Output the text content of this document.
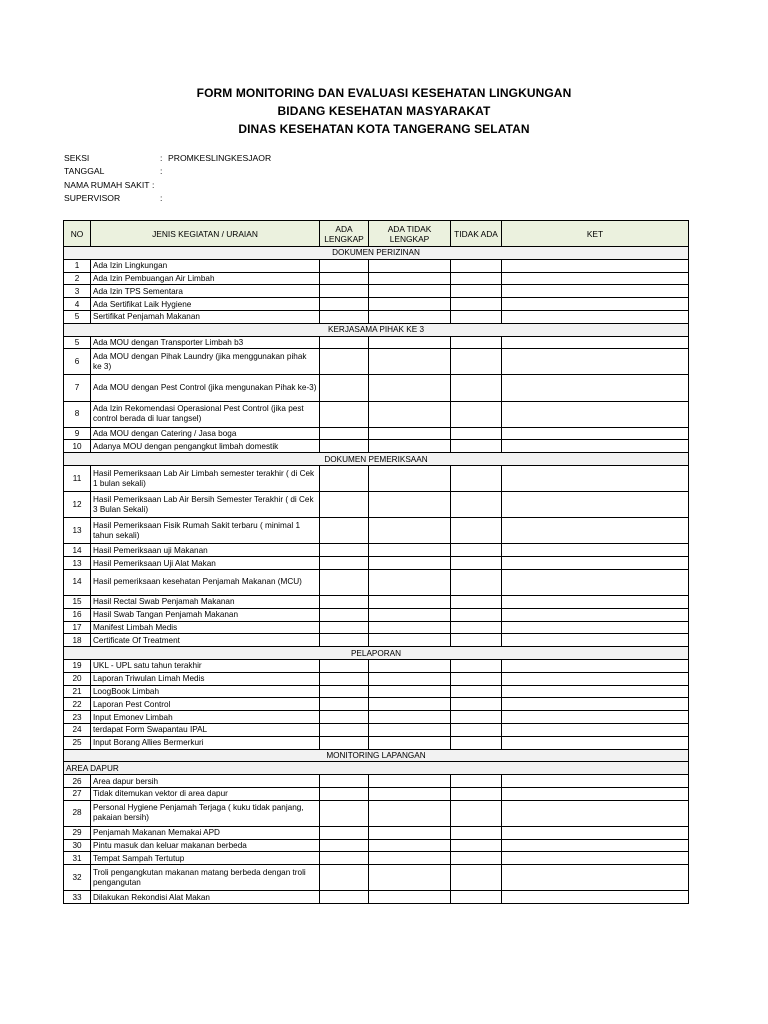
FORM MONITORING DAN EVALUASI KESEHATAN LINGKUNGAN
BIDANG KESEHATAN MASYARAKAT
DINAS KESEHATAN KOTA TANGERANG SELATAN
SEKSI	: PROMKESLINGKESJAOR
TANGGAL	:
NAMA RUMAH SAKIT :
SUPERVISOR	:
NO	JENIS KEGIATAN / URAIAN	ADA LENGKAP	ADA TIDAK LENGKAP	TIDAK ADA	KET
DOKUMEN PERIZINAN					
1	Ada Izin Lingkungan				
2	Ada Izin Pembuangan Air Limbah				
3	Ada Izin TPS Sementara				
4	Ada Sertifikat Laik Hygiene				
5	Sertifikat Penjamah Makanan				
KERJASAMA PIHAK KE 3					
5	Ada MOU dengan Transporter Limbah b3				
6	Ada MOU dengan Pihak Laundry (jika menggunakan pihak ke 3)				
7	Ada MOU dengan Pest Control (jika mengunakan Pihak ke-3)				
8	Ada Izin Rekomendasi Operasional Pest Control (jika pest control berada di luar tangsel)				
9	Ada MOU dengan Catering / Jasa boga				
10	Adanya MOU dengan pengangkut limbah domestik				
DOKUMEN PEMERIKSAAN					
11	Hasil Pemeriksaan Lab Air Limbah semester terakhir ( di Cek 1 bulan sekali)				
12	Hasil Pemeriksaan Lab Air Bersih Semester Terakhir ( di Cek 3 Bulan Sekali)				
13	Hasil Pemeriksaan Fisik Rumah Sakit terbaru ( minimal 1 tahun sekali)				
14	Hasil Pemeriksaan uji Makanan				
13	Hasil Pemeriksaan Uji Alat Makan				
14	Hasil pemeriksaan kesehatan Penjamah Makanan (MCU)				
15	Hasil Rectal Swab Penjamah Makanan				
16	Hasil Swab Tangan Penjamah Makanan				
17	Manifest Limbah Medis				
18	Certificate Of Treatment				
PELAPORAN					
19	UKL - UPL satu tahun terakhir				
20	Laporan Triwulan Limah Medis				
21	LoogBook Limbah				
22	Laporan Pest Control				
23	Input Emonev Limbah				
24	terdapat Form Swapantau IPAL				
25	Input Borang Allies Bermerkuri				
MONITORING LAPANGAN					
AREA DAPUR					
26	Area dapur bersih				
27	Tidak ditemukan vektor di area dapur				
28	Personal Hygiene Penjamah Terjaga ( kuku tidak panjang, pakaian bersih)				
29	Penjamah Makanan Memakai APD				
30	Pintu masuk dan keluar makanan berbeda				
31	Tempat Sampah Tertutup				
32	Troli pengangkutan makanan matang berbeda dengan troli pengangutan				
33	Dilakukan Rekondisi Alat Makan				
